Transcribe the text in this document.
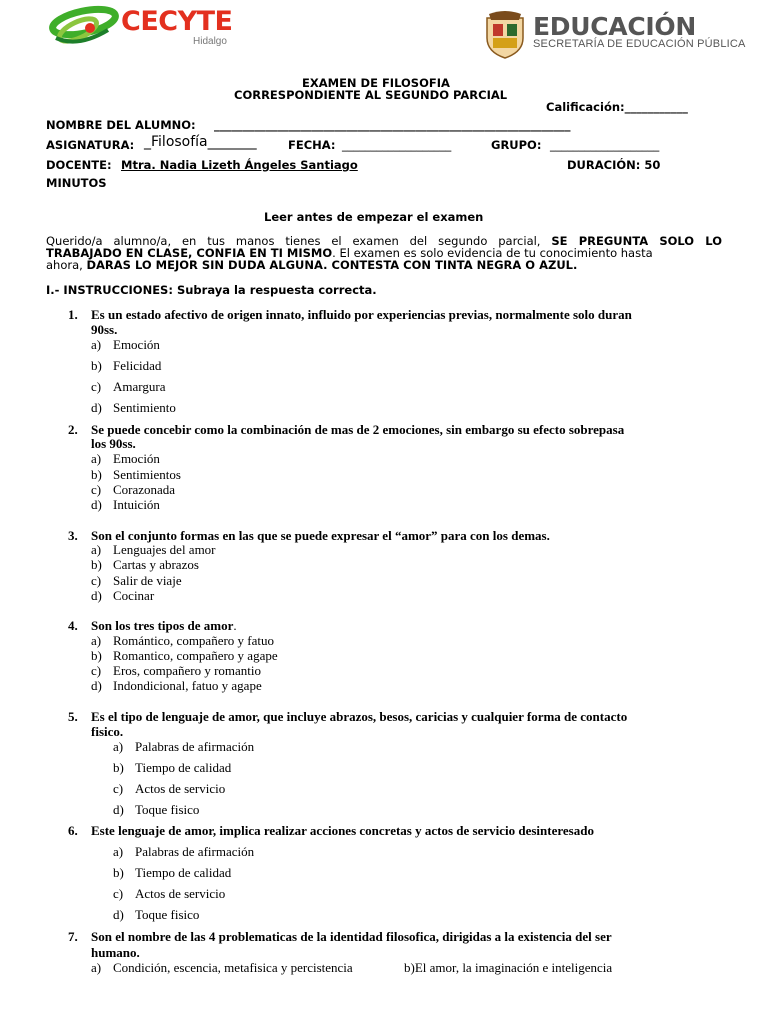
CECYTE
Hidalgo
EDUCACIÓN
SECRETARÍA DE EDUCACIÓN PÚBLICA
EXAMEN DE FILOSOFIA
CORRESPONDIENTE AL SEGUNDO PARCIAL
Calificación:___________
NOMBRE DEL ALUMNO: ______________________________________________________________
ASIGNATURA: _Filosofía_______	FECHA: ___________________	GRUPO: ___________________
DOCENTE: Mtra. Nadia Lizeth Ángeles Santiago	DURACIÓN: 50
MINUTOS
Leer antes de empezar el examen
Querido/a alumno/a, en tus manos tienes el examen del segundo parcial, SE PREGUNTA SOLO LO
TRABAJADO EN CLASE, CONFIA EN TI MISMO. El examen es solo evidencia de tu conocimiento hasta
ahora, DARAS LO MEJOR SIN DUDA ALGUNA. CONTESTA CON TINTA NEGRA O AZUL.
I.- INSTRUCCIONES: Subraya la respuesta correcta.
1. Es un estado afectivo de origen innato, influido por experiencias previas, normalmente solo duran
90ss.
a) Emoción
b) Felicidad
c) Amargura
d) Sentimiento
2. Se puede concebir como la combinación de mas de 2 emociones, sin embargo su efecto sobrepasa
los 90ss.
a) Emoción
b) Sentimientos
c) Corazonada
d) Intuición
3. Son el conjunto formas en las que se puede expresar el “amor” para con los demas.
a) Lenguajes del amor
b) Cartas y abrazos
c) Salir de viaje
d) Cocinar
4. Son los tres tipos de amor.
a) Romántico, compañero y fatuo
b) Romantico, compañero y agape
c) Eros, compañero y romantio
d) Indondicional, fatuo y agape
5. Es el tipo de lenguaje de amor, que incluye abrazos, besos, caricias y cualquier forma de contacto
fisico.
a) Palabras de afirmación
b) Tiempo de calidad
c) Actos de servicio
d) Toque fisico
6. Este lenguaje de amor, implica realizar acciones concretas y actos de servicio desinteresado
a) Palabras de afirmación
b) Tiempo de calidad
c) Actos de servicio
d) Toque fisico
7. Son el nombre de las 4 problematicas de la identidad filosofica, dirigidas a la existencia del ser
humano.
a) Condición, escencia, metafisica y percistencia	b)El amor, la imaginación e inteligencia
